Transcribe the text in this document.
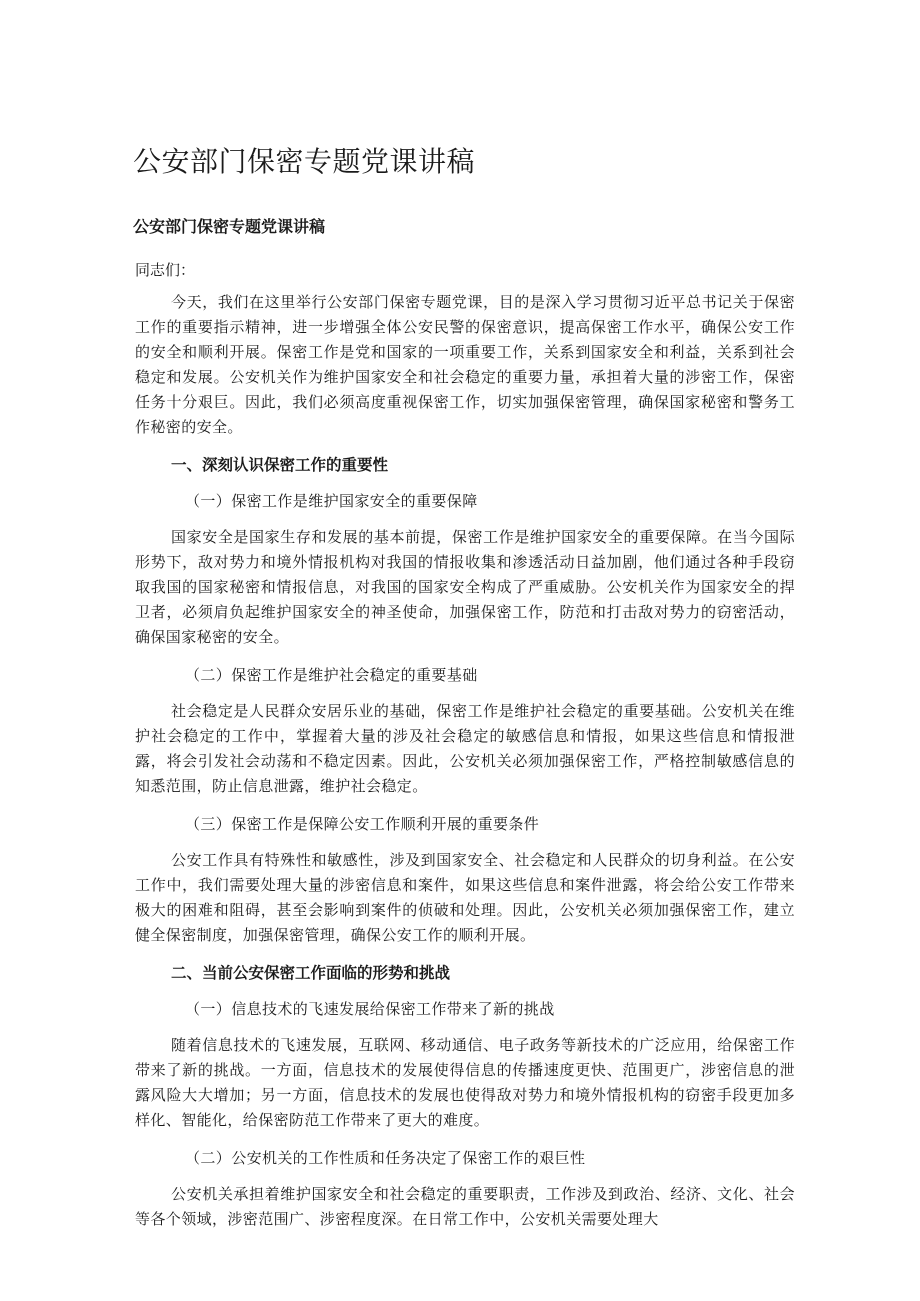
公安部门保密专题党课讲稿
公安部门保密专题党课讲稿

同志们：

今天，我们在这里举行公安部门保密专题党课，目的是深入学习贯彻习近平总书记关于保密工作的重要指示精神，进一步增强全体公安民警的保密意识，提高保密工作水平，确保公安工作的安全和顺利开展。保密工作是党和国家的一项重要工作，关系到国家安全和利益，关系到社会稳定和发展。公安机关作为维护国家安全和社会稳定的重要力量，承担着大量的涉密工作，保密任务十分艰巨。因此，我们必须高度重视保密工作，切实加强保密管理，确保国家秘密和警务工作秘密的安全。

一、深刻认识保密工作的重要性
（一）保密工作是维护国家安全的重要保障

国家安全是国家生存和发展的基本前提，保密工作是维护国家安全的重要保障。在当今国际形势下，敌对势力和境外情报机构对我国的情报收集和渗透活动日益加剧，他们通过各种手段窃取我国的国家秘密和情报信息，对我国的国家安全构成了严重威胁。公安机关作为国家安全的捍卫者，必须肩负起维护国家安全的神圣使命，加强保密工作，防范和打击敌对势力的窃密活动，确保国家秘密的安全。

（二）保密工作是维护社会稳定的重要基础

社会稳定是人民群众安居乐业的基础，保密工作是维护社会稳定的重要基础。公安机关在维护社会稳定的工作中，掌握着大量的涉及社会稳定的敏感信息和情报，如果这些信息和情报泄露，将会引发社会动荡和不稳定因素。因此，公安机关必须加强保密工作，严格控制敏感信息的知悉范围，防止信息泄露，维护社会稳定。

（三）保密工作是保障公安工作顺利开展的重要条件

公安工作具有特殊性和敏感性，涉及到国家安全、社会稳定和人民群众的切身利益。在公安工作中，我们需要处理大量的涉密信息和案件，如果这些信息和案件泄露，将会给公安工作带来极大的困难和阻碍，甚至会影响到案件的侦破和处理。因此，公安机关必须加强保密工作，建立健全保密制度，加强保密管理，确保公安工作的顺利开展。

二、当前公安保密工作面临的形势和挑战
（一）信息技术的飞速发展给保密工作带来了新的挑战

随着信息技术的飞速发展，互联网、移动通信、电子政务等新技术的广泛应用，给保密工作带来了新的挑战。一方面，信息技术的发展使得信息的传播速度更快、范围更广，涉密信息的泄露风险大大增加；另一方面，信息技术的发展也使得敌对势力和境外情报机构的窃密手段更加多样化、智能化，给保密防范工作带来了更大的难度。

（二）公安机关的工作性质和任务决定了保密工作的艰巨性

公安机关承担着维护国家安全和社会稳定的重要职责，工作涉及到政治、经济、文化、社会等各个领域，涉密范围广、涉密程度深。在日常工作中，公安机关需要处理大
